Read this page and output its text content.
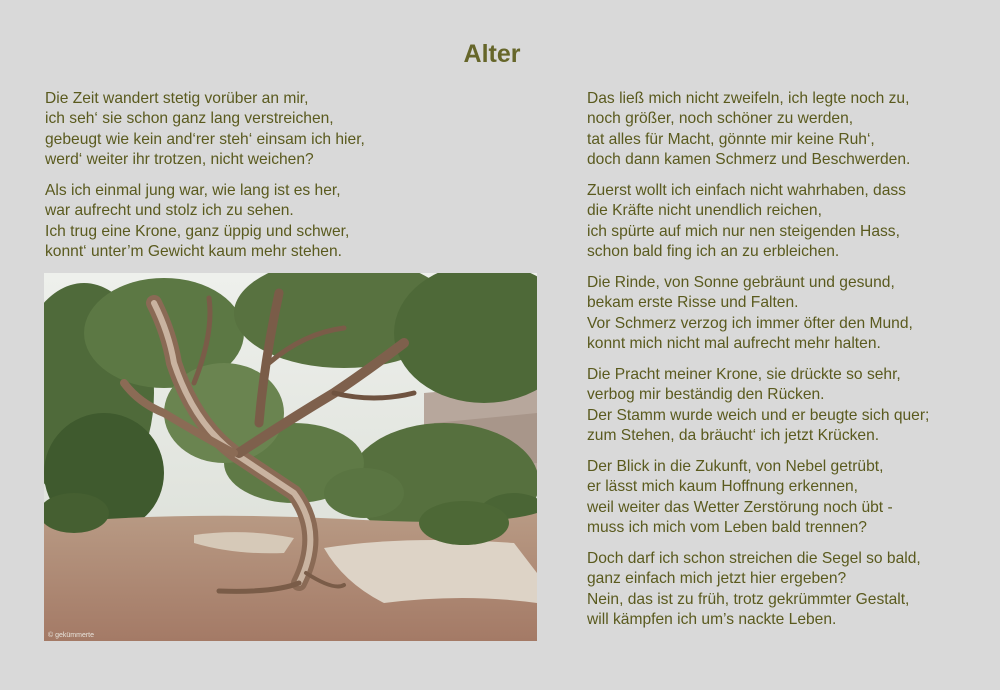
Alter
Die Zeit wandert stetig vorüber an mir,
ich seh‘ sie schon ganz lang verstreichen,
gebeugt wie kein and‘rer steh‘ einsam ich hier,
werd‘ weiter ihr trotzen, nicht weichen?
Als ich einmal jung war, wie lang ist es her,
war aufrecht und stolz ich zu sehen.
Ich trug eine Krone, ganz üppig und schwer,
konnt‘ unter’m Gewicht kaum mehr stehen.
© gekümmerte
Das ließ mich nicht zweifeln, ich legte noch zu,
noch größer, noch schöner zu werden,
tat alles für Macht, gönnte mir keine Ruh‘,
doch dann kamen Schmerz und Beschwerden.
Zuerst wollt ich einfach nicht wahrhaben, dass
die Kräfte nicht unendlich reichen,
ich spürte auf mich nur nen steigenden Hass,
schon bald fing ich an zu erbleichen.
Die Rinde, von Sonne gebräunt und gesund,
bekam erste Risse und Falten.
Vor Schmerz verzog ich immer öfter den Mund,
konnt mich nicht mal aufrecht mehr halten.
Die Pracht meiner Krone, sie drückte so sehr,
verbog mir beständig den Rücken.
Der Stamm wurde weich und er beugte sich quer;
zum Stehen, da bräucht‘ ich jetzt Krücken.
Der Blick in die Zukunft, von Nebel getrübt,
er lässt mich kaum Hoffnung erkennen,
weil weiter das Wetter Zerstörung noch übt -
muss ich mich vom Leben bald trennen?
Doch darf ich schon streichen die Segel so bald,
ganz einfach mich jetzt hier ergeben?
Nein, das ist zu früh, trotz gekrümmter Gestalt,
will kämpfen ich um’s nackte Leben.
